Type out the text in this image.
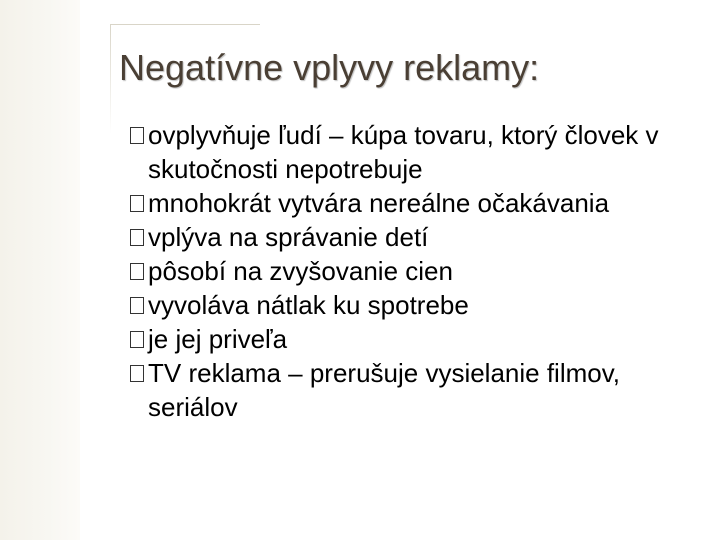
Negatívne vplyvy reklamy:
ovplyvňuje ľudí – kúpa tovaru, ktorý človek v skutočnosti nepotrebuje
mnohokrát vytvára nereálne očakávania
vplýva na správanie detí
pôsobí na zvyšovanie cien
vyvoláva nátlak ku spotrebe
je jej priveľa
TV reklama – prerušuje vysielanie filmov, seriálov
